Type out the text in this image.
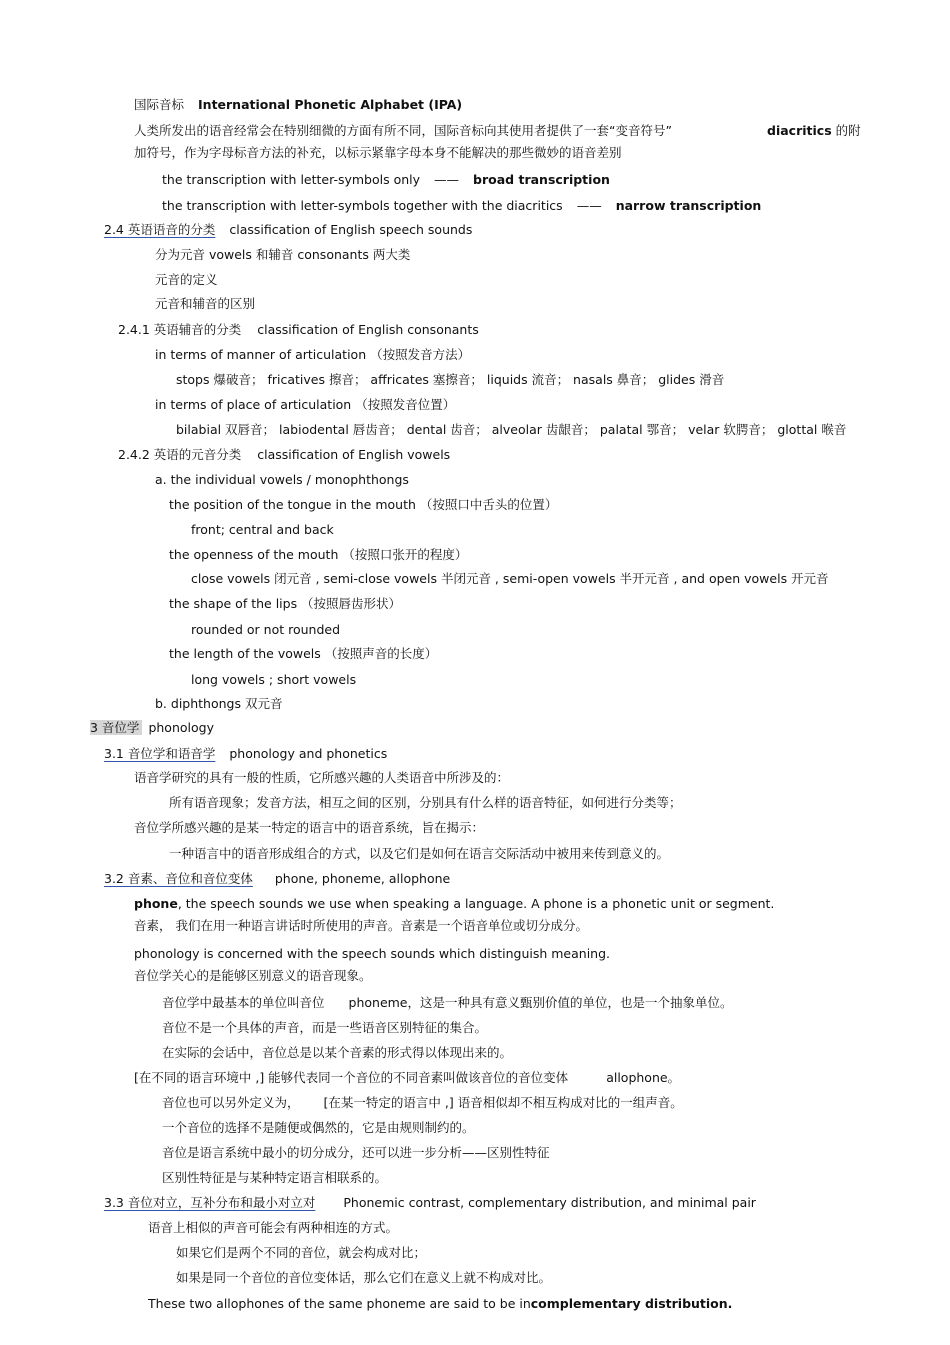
国际音标 International Phonetic Alphabet (IPA)
人类所发出的语音经常会在特别细微的方面有所不同，国际音标向其使用者提供了一套“变音符号”	diacritics 的附
加符号，作为字母标音方法的补充，以标示紧靠字母本身不能解决的那些微妙的语音差别
the transcription with letter-symbols only —— broad transcription
the transcription with letter-symbols together with the diacritics —— narrow transcription
2.4 英语语音的分类 classification of English speech sounds
分为元音 vowels 和辅音 consonants 两大类
元音的定义
元音和辅音的区别
2.4.1 英语辅音的分类 classification of English consonants
in terms of manner of articulation （按照发音方法）
stops 爆破音； fricatives 擦音； affricates 塞擦音； liquids 流音； nasals 鼻音； glides 滑音
in terms of place of articulation （按照发音位置）
bilabial 双唇音； labiodental 唇齿音； dental 齿音； alveolar 齿龈音； palatal 鄂音； velar 软腭音； glottal 喉音
2.4.2 英语的元音分类 classification of English vowels
a. the individual vowels / monophthongs
the position of the tongue in the mouth （按照口中舌头的位置）
front; central and back
the openness of the mouth （按照口张开的程度）
close vowels 闭元音 , semi-close vowels 半闭元音 , semi-open vowels 半开元音 , and open vowels 开元音
the shape of the lips （按照唇齿形状）
rounded or not rounded
the length of the vowels （按照声音的长度）
long vowels ; short vowels
b. diphthongs 双元音
3 音位学 phonology
3.1 音位学和语音学 phonology and phonetics
语音学研究的具有一般的性质，它所感兴趣的人类语音中所涉及的：
所有语音现象；发音方法，相互之间的区别，分别具有什么样的语音特征，如何进行分类等；
音位学所感兴趣的是某一特定的语言中的语音系统，旨在揭示：
一种语言中的语音形成组合的方式，以及它们是如何在语言交际活动中被用来传到意义的。
3.2 音素、音位和音位变体 phone, phoneme, allophone
phone, the speech sounds we use when speaking a language. A phone is a phonetic unit or segment.
音素， 我们在用一种语言讲话时所使用的声音。音素是一个语音单位或切分成分。
phonology is concerned with the speech sounds which distinguish meaning.
音位学关心的是能够区别意义的语音现象。
音位学中最基本的单位叫音位 phoneme，这是一种具有意义甄别价值的单位，也是一个抽象单位。
音位不是一个具体的声音，而是一些语音区别特征的集合。
在实际的会话中，音位总是以某个音素的形式得以体现出来的。
[在不同的语言环境中 ,] 能够代表同一个音位的不同音素叫做该音位的音位变体	allophone。
音位也可以另外定义为， [在某一特定的语言中 ,] 语音相似却不相互构成对比的一组声音。
一个音位的选择不是随便或偶然的，它是由规则制约的。
音位是语言系统中最小的切分成分，还可以进一步分析——区别性特征
区别性特征是与某种特定语言相联系的。
3.3 音位对立，互补分布和最小对立对 Phonemic contrast, complementary distribution, and minimal pair
语音上相似的声音可能会有两种相连的方式。
如果它们是两个不同的音位，就会构成对比；
如果是同一个音位的音位变体话，那么它们在意义上就不构成对比。
These two allophones of the same phoneme are said to be incomplementary distribution.
